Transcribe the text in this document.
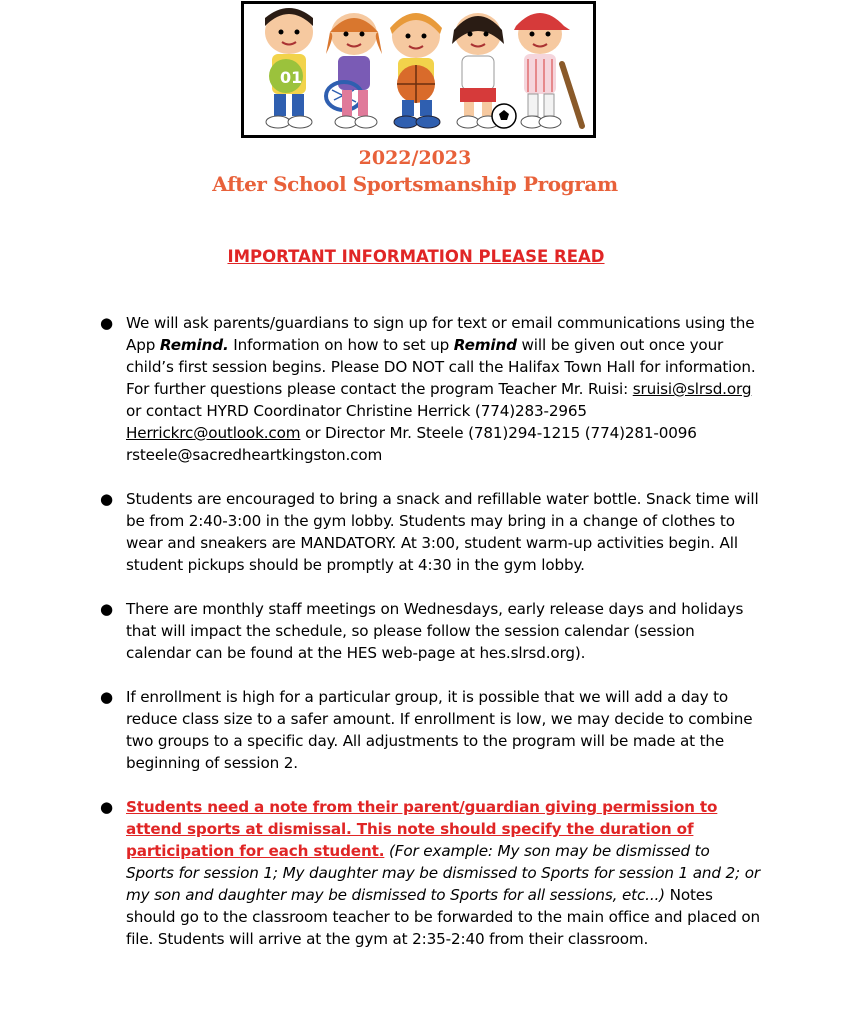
01
2022/2023
After School Sportsmanship Program
IMPORTANT INFORMATION PLEASE READ
● We will ask parents/guardians to sign up for text or email communications using the App Remind. Information on how to set up Remind will be given out once your child’s first session begins. Please DO NOT call the Halifax Town Hall for information. For further questions please contact the program Teacher Mr. Ruisi: sruisi@slrsd.org or contact HYRD Coordinator Christine Herrick (774)283-2965 Herrickrc@outlook.com or Director Mr. Steele (781)294-1215 (774)281-0096 rsteele@sacredheartkingston.com
● Students are encouraged to bring a snack and refillable water bottle. Snack time will be from 2:40-3:00 in the gym lobby. Students may bring in a change of clothes to wear and sneakers are MANDATORY. At 3:00, student warm-up activities begin. All student pickups should be promptly at 4:30 in the gym lobby.
● There are monthly staff meetings on Wednesdays, early release days and holidays that will impact the schedule, so please follow the session calendar (session calendar can be found at the HES web-page at hes.slrsd.org).
● If enrollment is high for a particular group, it is possible that we will add a day to reduce class size to a safer amount. If enrollment is low, we may decide to combine two groups to a specific day. All adjustments to the program will be made at the beginning of session 2.
● Students need a note from their parent/guardian giving permission to attend sports at dismissal. This note should specify the duration of participation for each student. (For example: My son may be dismissed to Sports for session 1; My daughter may be dismissed to Sports for session 1 and 2; or my son and daughter may be dismissed to Sports for all sessions, etc...) Notes should go to the classroom teacher to be forwarded to the main office and placed on file. Students will arrive at the gym at 2:35-2:40 from their classroom.
